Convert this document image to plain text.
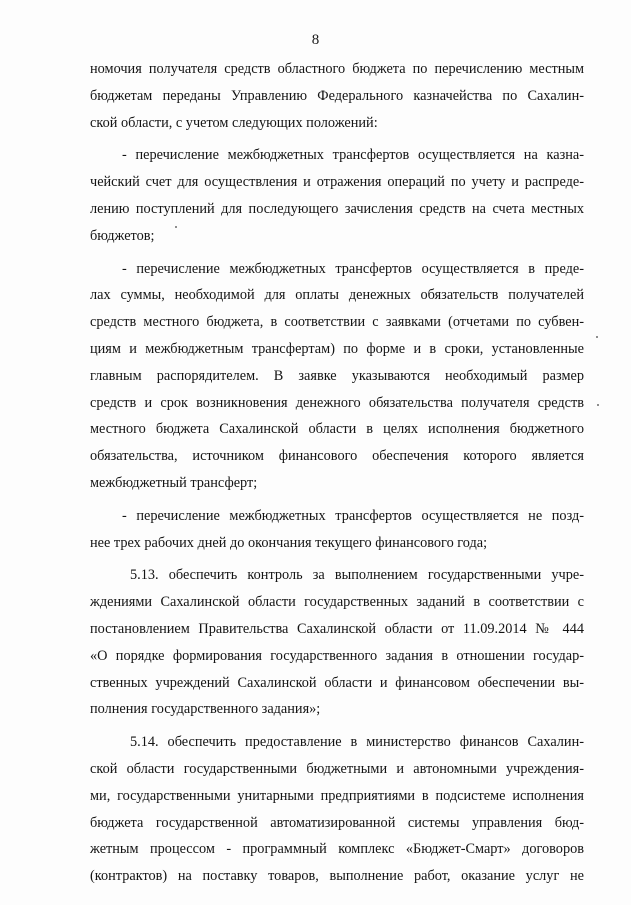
8
номочия получателя средств областного бюджета по перечислению местным
бюджетам переданы Управлению Федерального казначейства по Сахалин-
ской области, с учетом следующих положений:
- перечисление межбюджетных трансфертов осуществляется на казна-
чейский счет для осуществления и отражения операций по учету и распреде-
лению поступлений для последующего зачисления средств на счета местных
бюджетов;
- перечисление межбюджетных трансфертов осуществляется в преде-
лах суммы, необходимой для оплаты денежных обязательств получателей
средств местного бюджета, в соответствии с заявками (отчетами по субвен-
циям и межбюджетным трансфертам) по форме и в сроки, установленные
главным распорядителем. В заявке указываются необходимый размер
средств и срок возникновения денежного обязательства получателя средств
местного бюджета Сахалинской области в целях исполнения бюджетного
обязательства, источником финансового обеспечения которого является
межбюджетный трансферт;
- перечисление межбюджетных трансфертов осуществляется не позд-
нее трех рабочих дней до окончания текущего финансового года;
5.13. обеспечить контроль за выполнением государственными учре-
ждениями Сахалинской области государственных заданий в соответствии с
постановлением Правительства Сахалинской области от 11.09.2014 № 444
«О порядке формирования государственного задания в отношении государ-
ственных учреждений Сахалинской области и финансовом обеспечении вы-
полнения государственного задания»;
5.14. обеспечить предоставление в министерство финансов Сахалин-
ской области государственными бюджетными и автономными учреждения-
ми, государственными унитарными предприятиями в подсистеме исполнения
бюджета государственной автоматизированной системы управления бюд-
жетным процессом - программный комплекс «Бюджет-Смарт» договоров
(контрактов) на поставку товаров, выполнение работ, оказание услуг не
